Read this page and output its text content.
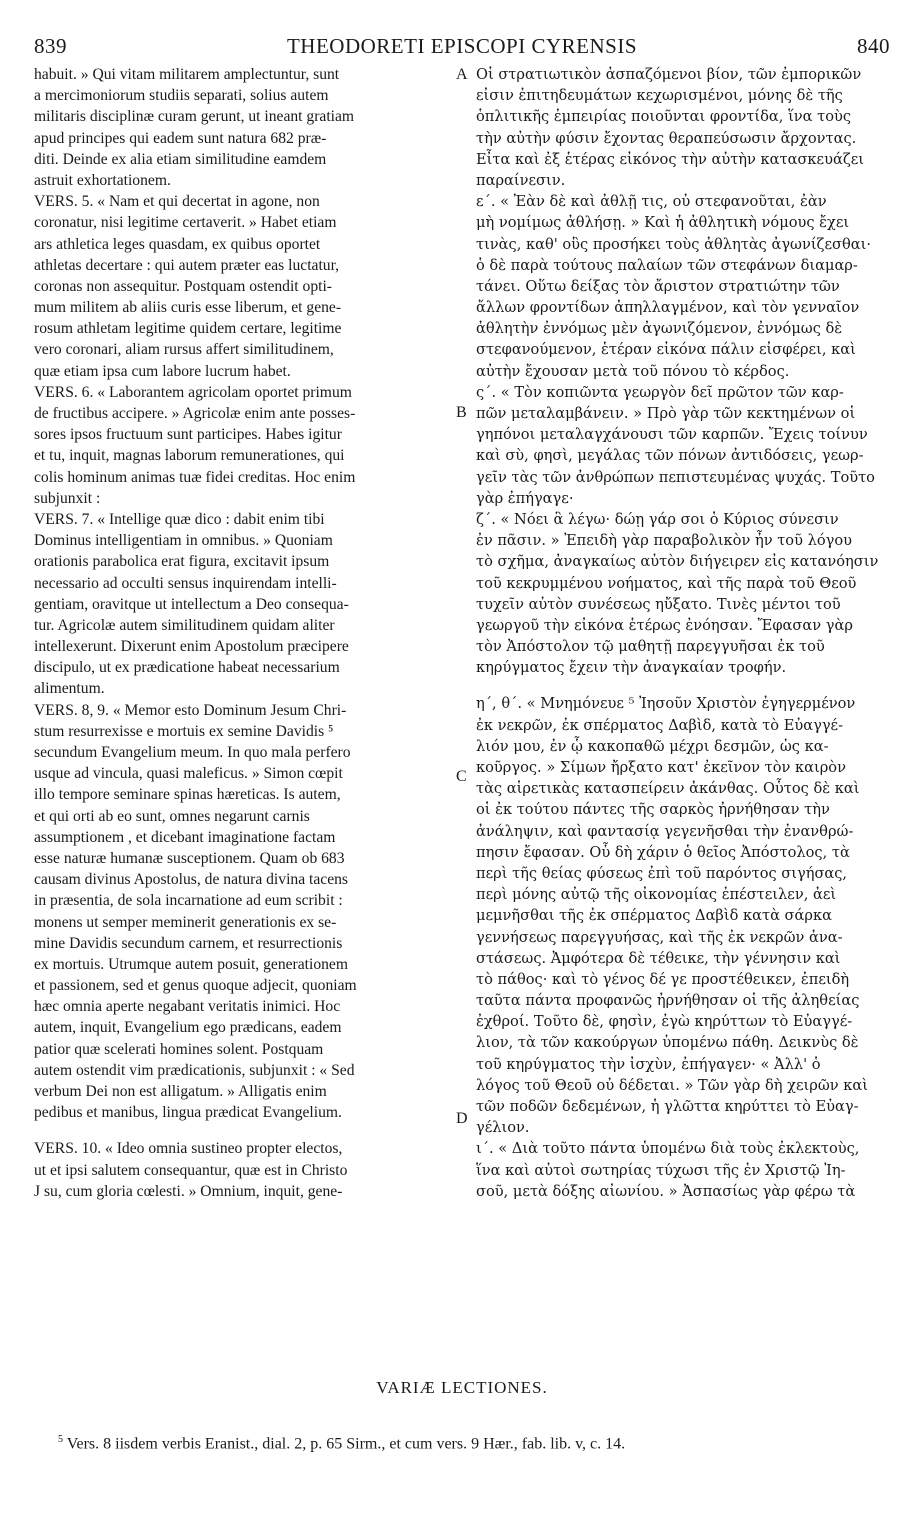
839	THEODORETI EPISCOPI CYRENSIS	840
habuit. » Qui vitam militarem amplectuntur, sunt
a mercimoniorum studiis separati, solius autem
militaris disciplinæ curam gerunt, ut ineant gratiam
apud principes qui eadem sunt natura 682 præ-
diti. Deinde ex alia etiam similitudine eamdem
astruit exhortationem.
VERS. 5. « Nam et qui decertat in agone, non
coronatur, nisi legitime certaverit. » Habet etiam
ars athletica leges quasdam, ex quibus oportet
athletas decertare : qui autem præter eas luctatur,
coronas non assequitur. Postquam ostendit opti-
mum militem ab aliis curis esse liberum, et gene-
rosum athletam legitime quidem certare, legitime
vero coronari, aliam rursus affert similitudinem,
quæ etiam ipsa cum labore lucrum habet.
VERS. 6. « Laborantem agricolam oportet primum
de fructibus accipere. » Agricolæ enim ante posses-
sores ipsos fructuum sunt participes. Habes igitur
et tu, inquit, magnas laborum remunerationes, qui
colis hominum animas tuæ fidei creditas. Hoc enim
subjunxit :
VERS. 7. « Intellige quæ dico : dabit enim tibi
Dominus intelligentiam in omnibus. » Quoniam
orationis parabolica erat figura, excitavit ipsum
necessario ad occulti sensus inquirendam intelli-
gentiam, oravitque ut intellectum a Deo consequa-
tur. Agricolæ autem similitudinem quidam aliter
intellexerunt. Dixerunt enim Apostolum præcipere
discipulo, ut ex prædicatione habeat necessarium
alimentum.
VERS. 8, 9. « Memor esto Dominum Jesum Chri-
stum resurrexisse e mortuis ex semine Davidis ⁵
secundum Evangelium meum. In quo mala perfero
usque ad vincula, quasi maleficus. » Simon cœpit
illo tempore seminare spinas hæreticas. Is autem,
et qui orti ab eo sunt, omnes negarunt carnis
assumptionem , et dicebant imaginatione factam
esse naturæ humanæ susceptionem. Quam ob 683
causam divinus Apostolus, de natura divina tacens
in præsentia, de sola incarnatione ad eum scribit :
monens ut semper meminerit generationis ex se-
mine Davidis secundum carnem, et resurrectionis
ex mortuis. Utrumque autem posuit, generationem
et passionem, sed et genus quoque adjecit, quoniam
hæc omnia aperte negabant veritatis inimici. Hoc
autem, inquit, Evangelium ego prædicans, eadem
patior quæ scelerati homines solent. Postquam
autem ostendit vim prædicationis, subjunxit : « Sed
verbum Dei non est alligatum. » Alligatis enim
pedibus et manibus, lingua prædicat Evangelium.
VERS. 10. « Ideo omnia sustineo propter electos,
ut et ipsi salutem consequantur, quæ est in Christo
J su, cum gloria cœlesti. » Omnium, inquit, gene-
Οἱ στρατιωτικὸν ἀσπαζόμενοι βίον, τῶν ἐμπορικῶν
εἰσιν ἐπιτηδευμάτων κεχωρισμένοι, μόνης δὲ τῆς
ὁπλιτικῆς ἐμπειρίας ποιοῦνται φροντίδα, ἵνα τοὺς
τὴν αὐτὴν φύσιν ἔχοντας θεραπεύσωσιν ἄρχοντας.
Εἶτα καὶ ἐξ ἑτέρας εἰκόνος τὴν αὐτὴν κατασκευάζει
παραίνεσιν.
ε΄. « Ἐὰν δὲ καὶ ἀθλῇ τις, οὐ στεφανοῦται, ἐὰν
μὴ νομίμως ἀθλήσῃ. » Καὶ ἡ ἀθλητικὴ νόμους ἔχει
τινὰς, καθ' οὓς προσήκει τοὺς ἀθλητὰς ἀγωνίζεσθαι·
ὁ δὲ παρὰ τούτους παλαίων τῶν στεφάνων διαμαρ-
τάνει. Οὕτω δείξας τὸν ἄριστον στρατιώτην τῶν
ἄλλων φροντίδων ἀπηλλαγμένον, καὶ τὸν γενναῖον
ἀθλητὴν ἐννόμως μὲν ἀγωνιζόμενον, ἐννόμως δὲ
στεφανούμενον, ἑτέραν εἰκόνα πάλιν εἰσφέρει, καὶ
αὐτὴν ἔχουσαν μετὰ τοῦ πόνου τὸ κέρδος.
ς΄. « Τὸν κοπιῶντα γεωργὸν δεῖ πρῶτον τῶν καρ-
πῶν μεταλαμβάνειν. » Πρὸ γὰρ τῶν κεκτημένων οἱ
γηπόνοι μεταλαγχάνουσι τῶν καρπῶν. Ἔχεις τοίνυν
καὶ σὺ, φησὶ, μεγάλας τῶν πόνων ἀντιδόσεις, γεωρ-
γεῖν τὰς τῶν ἀνθρώπων πεπιστευμένας ψυχάς. Τοῦτο
γὰρ ἐπήγαγε·
ζ΄. « Νόει ἃ λέγω· δώῃ γάρ σοι ὁ Κύριος σύνεσιν
ἐν πᾶσιν. » Ἐπειδὴ γὰρ παραβολικὸν ἦν τοῦ λόγου
τὸ σχῆμα, ἀναγκαίως αὐτὸν διήγειρεν εἰς κατανόησιν
τοῦ κεκρυμμένου νοήματος, καὶ τῆς παρὰ τοῦ Θεοῦ
τυχεῖν αὐτὸν συνέσεως ηὔξατο. Τινὲς μέντοι τοῦ
γεωργοῦ τὴν εἰκόνα ἑτέρως ἐνόησαν. Ἔφασαν γὰρ
τὸν Ἀπόστολον τῷ μαθητῇ παρεγγυῆσαι ἐκ τοῦ
κηρύγματος ἔχειν τὴν ἀναγκαίαν τροφήν.
η΄, θ΄. « Μνημόνευε ⁵ Ἰησοῦν Χριστὸν ἐγηγερμένον
ἐκ νεκρῶν, ἐκ σπέρματος Δαβὶδ, κατὰ τὸ Εὐαγγέ-
λιόν μου, ἐν ᾧ κακοπαθῶ μέχρι δεσμῶν, ὡς κα-
κοῦργος. » Σίμων ἤρξατο κατ' ἐκεῖνον τὸν καιρὸν
τὰς αἱρετικὰς κατασπείρειν ἀκάνθας. Οὗτος δὲ καὶ
οἱ ἐκ τούτου πάντες τῆς σαρκὸς ἠρνήθησαν τὴν
ἀνάληψιν, καὶ φαντασίᾳ γεγενῆσθαι τὴν ἐνανθρώ-
πησιν ἔφασαν. Οὗ δὴ χάριν ὁ θεῖος Ἀπόστολος, τὰ
περὶ τῆς θείας φύσεως ἐπὶ τοῦ παρόντος σιγήσας,
περὶ μόνης αὐτῷ τῆς οἰκονομίας ἐπέστειλεν, ἀεὶ
μεμνῆσθαι τῆς ἐκ σπέρματος Δαβὶδ κατὰ σάρκα
γεννήσεως παρεγγυήσας, καὶ τῆς ἐκ νεκρῶν ἀνα-
στάσεως. Ἀμφότερα δὲ τέθεικε, τὴν γέννησιν καὶ
τὸ πάθος· καὶ τὸ γένος δέ γε προστέθεικεν, ἐπειδὴ
ταῦτα πάντα προφανῶς ἠρνήθησαν οἱ τῆς ἀληθείας
ἐχθροί. Τοῦτο δὲ, φησὶν, ἐγὼ κηρύττων τὸ Εὐαγγέ-
λιον, τὰ τῶν κακούργων ὑπομένω πάθη. Δεικνὺς δὲ
τοῦ κηρύγματος τὴν ἰσχὺν, ἐπήγαγεν· « Ἀλλ' ὁ
λόγος τοῦ Θεοῦ οὐ δέδεται. » Τῶν γὰρ δὴ χειρῶν καὶ
τῶν ποδῶν δεδεμένων, ἡ γλῶττα κηρύττει τὸ Εὐαγ-
γέλιον.
ι΄. « Διὰ τοῦτο πάντα ὑπομένω διὰ τοὺς ἐκλεκτοὺς,
ἵνα καὶ αὐτοὶ σωτηρίας τύχωσι τῆς ἐν Χριστῷ Ἰη-
σοῦ, μετὰ δόξης αἰωνίου. » Ἀσπασίως γὰρ φέρω τὰ
A
B
C
D
VARIÆ LECTIONES.
$^5$ Vers. 8 iisdem verbis Eranist., dial. 2, p. 65 Sirm., et cum vers. 9 Hær., fab. lib. v, c. 14.
